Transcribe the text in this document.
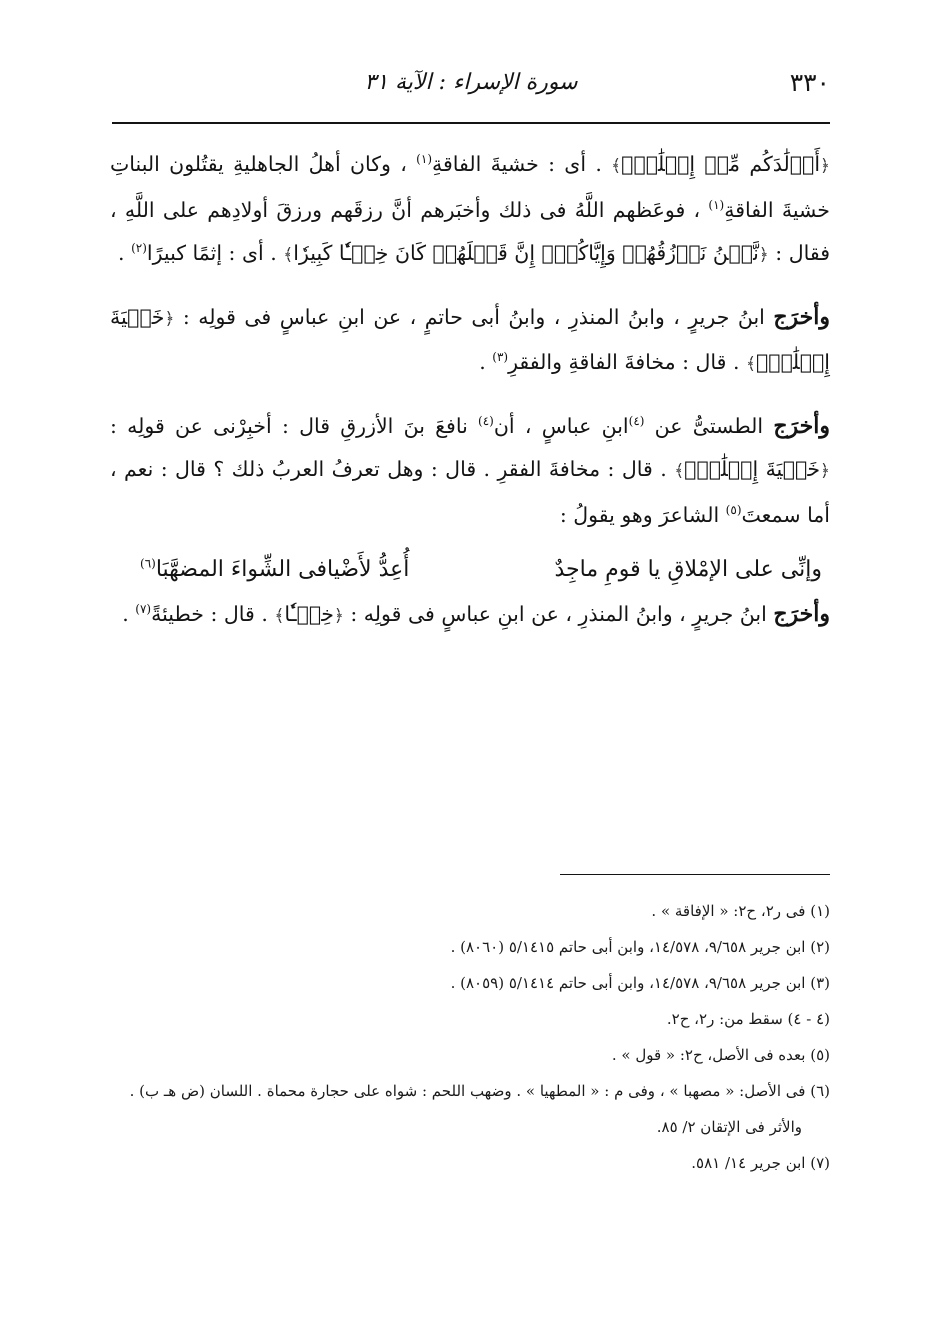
٣٣٠
سورة الإسراء : الآية ٣١

﴿أَوۡلَٰدَكُم مِّنۡ إِمۡلَٰقٖۖ﴾ . أى : خشيةَ الفاقةِ$^{(١)}$ ، وكان أهلُ الجاهليةِ يقتُلون البناتِ خشيةَ الفاقةِ$^{(١)}$ ، فوعَظهم اللَّهُ فى ذلك وأخبَرهم أنَّ رزقَهم ورزقَ أولادِهم على اللَّهِ ، فقال : ﴿نَّحۡنُ نَرۡزُقُهُمۡ وَإِيَّاكُمۡۚ إِنَّ قَتۡلَهُمۡ كَانَ خِطۡـٔٗا كَبِيرٗا﴾ . أى : إثمًا كبيرًا$^{(٢)}$ .

وأخرَج ابنُ جريرٍ ، وابنُ المنذرِ ، وابنُ أبى حاتمٍ ، عن ابنِ عباسٍ فى قولِه : ﴿خَشۡيَةَ إِمۡلَٰقٖۖ﴾ . قال : مخافةَ الفاقةِ والفقرِ$^{(٣)}$ .

وأخرَج الطستىُّ عن $^{(٤)}$ابنِ عباسٍ ، أن$^{(٤)}$ نافعَ بنَ الأزرقِ قال : أخبِرْنى عن قولِه : ﴿خَشۡيَةَ إِمۡلَٰقٖۖ﴾ . قال : مخافةَ الفقرِ . قال : وهل تعرفُ العربُ ذلك ؟ قال : نعم ، أما سمعتَ$^{(٥)}$ الشاعرَ وهو يقولُ :

وإنِّى على الإمْلاقِ يا قومِ ماجِدٌ
أُعِدُّ لأَضْيافى الشِّواءَ المضهَّبَا$^{(٦)}$

وأخرَج ابنُ جريرٍ ، وابنُ المنذرِ ، عن ابنِ عباسٍ فى قولِه : ﴿خِطۡـٔٗا﴾ . قال : خطيئةً$^{(٧)}$ .

(١) فى ر٢، ح٢: « الإفاقة » .
(٢) ابن جرير ٩/٦٥٨، ١٤/٥٧٨، وابن أبى حاتم ٥/١٤١٥ (٨٠٦٠) .
(٣) ابن جرير ٩/٦٥٨، ١٤/٥٧٨، وابن أبى حاتم ٥/١٤١٤ (٨٠٥٩) .
(٤ - ٤) سقط من: ر٢، ح٢.
(٥) بعده فى الأصل، ح٢: « قول » .
(٦) فى الأصل: « مصهبا » ، وفى م : « المطهيا » . وضهب اللحم : شواه على حجارة محماة . اللسان (ض هـ ب) .
والأثر فى الإتقان ٢/ ٨٥.
(٧) ابن جرير ١٤/ ٥٨١.
